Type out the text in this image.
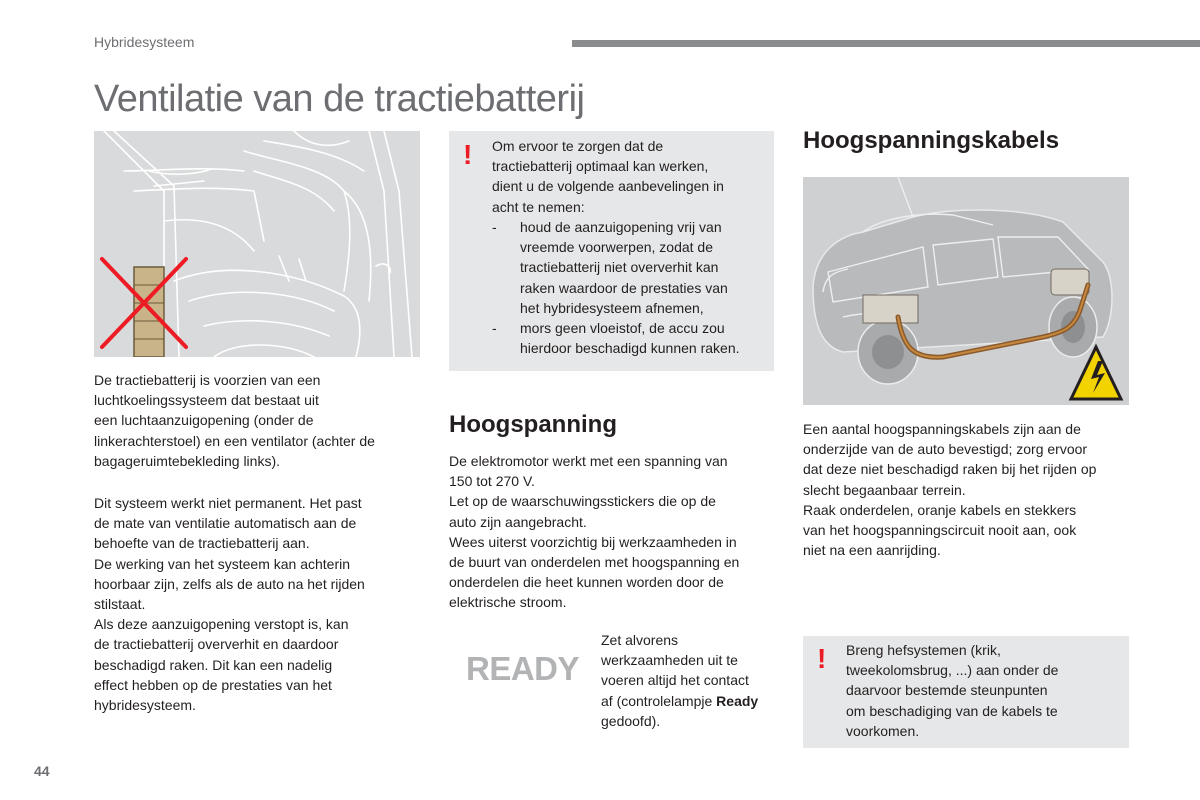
Hybridesysteem
Ventilatie van de tractiebatterij
De tractiebatterij is voorzien van een
luchtkoelingssysteem dat bestaat uit
een luchtaanzuigopening (onder de
linkerachterstoel) en een ventilator (achter de
bagageruimtebekleding links).
Dit systeem werkt niet permanent. Het past
de mate van ventilatie automatisch aan de
behoefte van de tractiebatterij aan.
De werking van het systeem kan achterin
hoorbaar zijn, zelfs als de auto na het rijden
stilstaat.
Als deze aanzuigopening verstopt is, kan
de tractiebatterij oververhit en daardoor
beschadigd raken. Dit kan een nadelig
effect hebben op de prestaties van het
hybridesysteem.
! Om ervoor te zorgen dat de
tractiebatterij optimaal kan werken,
dient u de volgende aanbevelingen in
acht te nemen:
-	houd de aanzuigopening vrij van
vreemde voorwerpen, zodat de
tractiebatterij niet oververhit kan
raken waardoor de prestaties van
het hybridesysteem afnemen,
-	mors geen vloeistof, de accu zou
hierdoor beschadigd kunnen raken.
Hoogspanning
De elektromotor werkt met een spanning van
150 tot 270 V.
Let op de waarschuwingsstickers die op de
auto zijn aangebracht.
Wees uiterst voorzichtig bij werkzaamheden in
de buurt van onderdelen met hoogspanning en
onderdelen die heet kunnen worden door de
elektrische stroom.
READY
Zet alvorens
werkzaamheden uit te
voeren altijd het contact
af (controlelampje Ready
gedoofd).
Hoogspanningskabels
Een aantal hoogspanningskabels zijn aan de
onderzijde van de auto bevestigd; zorg ervoor
dat deze niet beschadigd raken bij het rijden op
slecht begaanbaar terrein.
Raak onderdelen, oranje kabels en stekkers
van het hoogspanningscircuit nooit aan, ook
niet na een aanrijding.
! Breng hefsystemen (krik,
tweekolomsbrug, ...) aan onder de
daarvoor bestemde steunpunten
om beschadiging van de kabels te
voorkomen.
44
